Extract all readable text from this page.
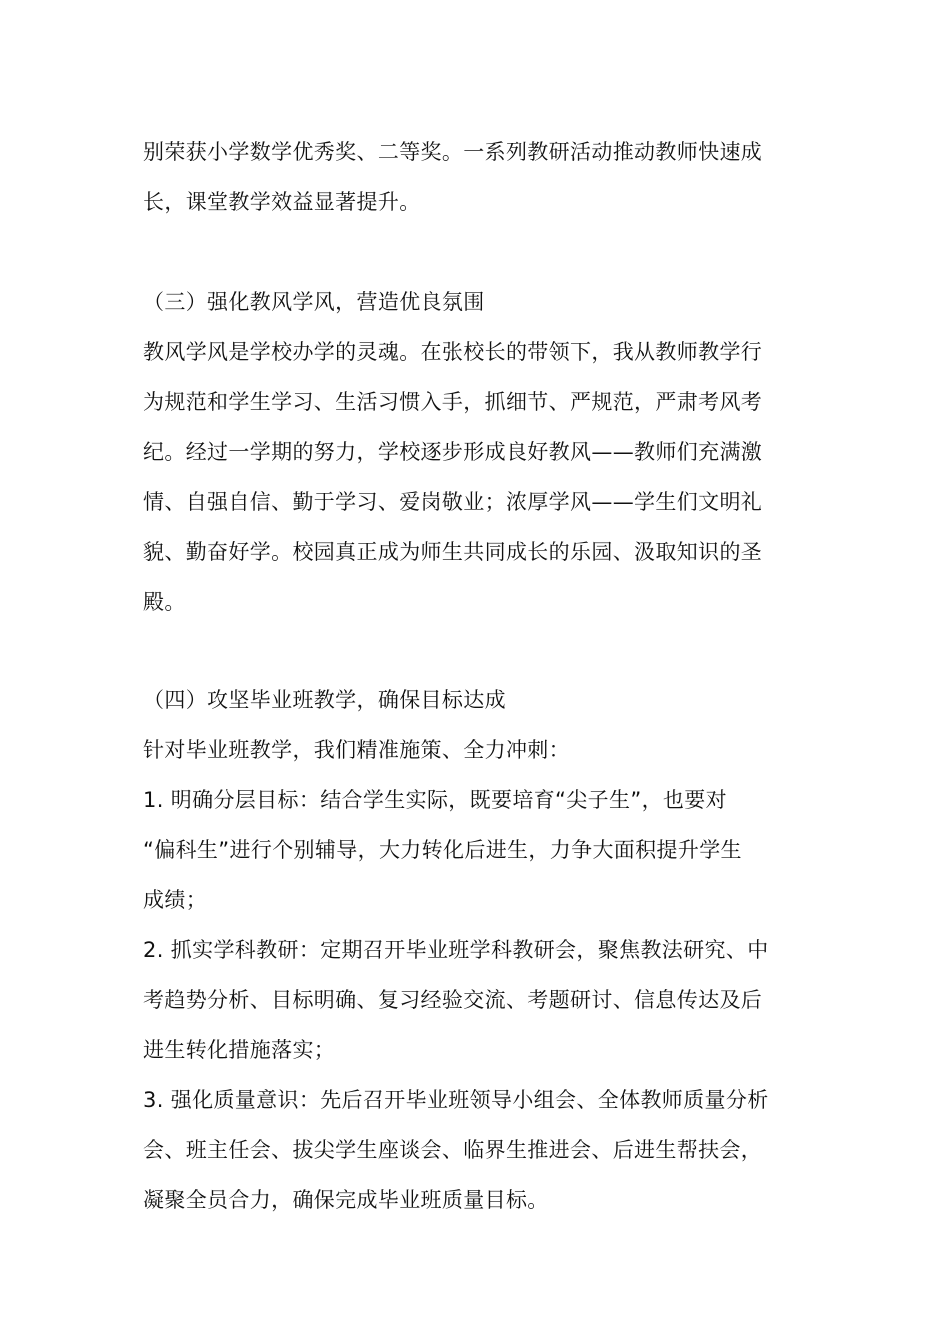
别荣获小学数学优秀奖、二等奖。一系列教研活动推动教师快速成
长，课堂教学效益显著提升。
（三）强化教风学风，营造优良氛围
教风学风是学校办学的灵魂。在张校长的带领下，我从教师教学行
为规范和学生学习、生活习惯入手，抓细节、严规范，严肃考风考
纪。经过一学期的努力，学校逐步形成良好教风——教师们充满激
情、自强自信、勤于学习、爱岗敬业；浓厚学风——学生们文明礼
貌、勤奋好学。校园真正成为师生共同成长的乐园、汲取知识的圣
殿。
（四）攻坚毕业班教学，确保目标达成
针对毕业班教学，我们精准施策、全力冲刺：
1. 明确分层目标：结合学生实际，既要培育“尖子生”，也要对
“偏科生”进行个别辅导，大力转化后进生，力争大面积提升学生
成绩；
2. 抓实学科教研：定期召开毕业班学科教研会，聚焦教法研究、中
考趋势分析、目标明确、复习经验交流、考题研讨、信息传达及后
进生转化措施落实；
3. 强化质量意识：先后召开毕业班领导小组会、全体教师质量分析
会、班主任会、拔尖学生座谈会、临界生推进会、后进生帮扶会，
凝聚全员合力，确保完成毕业班质量目标。
